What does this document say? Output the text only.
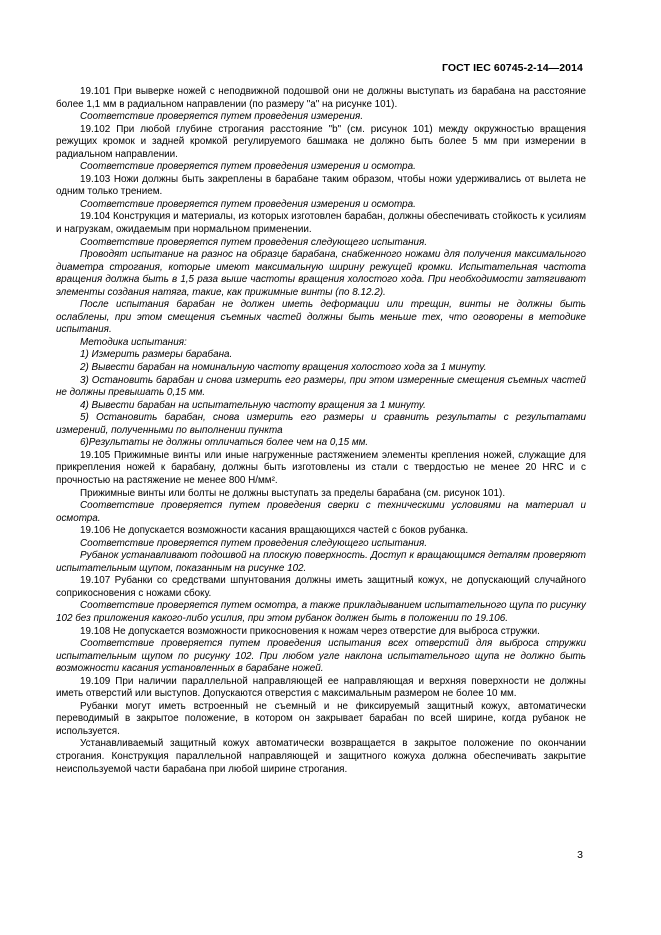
ГОСТ IEC 60745-2-14—2014

19.101 При выверке ножей с неподвижной подошвой они не должны выступать из барабана на расстояние более 1,1 мм в радиальном направлении (по размеру "a" на рисунке 101).

Соответствие проверяется путем проведения измерения.

19.102 При любой глубине строгания расстояние "b" (см. рисунок 101) между окружностью вращения режущих кромок и задней кромкой регулируемого башмака не должно быть более 5 мм при измерении в радиальном направлении.

Соответствие проверяется путем проведения измерения и осмотра.

19.103 Ножи должны быть закреплены в барабане таким образом, чтобы ножи удерживались от вылета не одним только трением.

Соответствие проверяется путем проведения измерения и осмотра.

19.104 Конструкция и материалы, из которых изготовлен барабан, должны обеспечивать стойкость к усилиям и нагрузкам, ожидаемым при нормальном применении.

Соответствие проверяется путем проведения следующего испытания.

Проводят испытание на разнос на образце барабана, снабженного ножами для получения максимального диаметра строгания, которые имеют максимальную ширину режущей кромки. Испытательная частота вращения должна быть в 1,5 раза выше частоты вращения холостого хода. При необходимости затягивают элементы создания натяга, такие, как прижимные винты (по 8.12.2).

После испытания барабан не должен иметь деформации или трещин, винты не должны быть ослаблены, при этом смещения съемных частей должны быть меньше тех, что оговорены в методике испытания.

Методика испытания:

1) Измерить размеры барабана.

2) Вывести барабан на номинальную частоту вращения холостого хода за 1 минуту.

3) Остановить барабан и снова измерить его размеры, при этом измеренные смещения съемных частей не должны превышать 0,15 мм.

4) Вывести барабан на испытательную частоту вращения за 1 минуту.

5) Остановить барабан, снова измерить его размеры и сравнить результаты с результатами измерений, полученными по выполнении пункта

6)Результаты не должны отличаться более чем на 0,15 мм.

19.105 Прижимные винты или иные нагруженные растяжением элементы крепления ножей, служащие для прикрепления ножей к барабану, должны быть изготовлены из стали с твердостью не менее 20 HRC и с прочностью на растяжение не менее 800 Н/мм².

Прижимные винты или болты не должны выступать за пределы барабана (см. рисунок 101).

Соответствие проверяется путем проведения сверки с техническими условиями на материал и осмотра.

19.106 Не допускается возможности касания вращающихся частей с боков рубанка.

Соответствие проверяется путем проведения следующего испытания.

Рубанок устанавливают подошвой на плоскую поверхность. Доступ к вращающимся деталям проверяют испытательным щупом, показанным на рисунке 102.

19.107 Рубанки со средствами шпунтования должны иметь защитный кожух, не допускающий случайного соприкосновения с ножами сбоку.

Соответствие проверяется путем осмотра, а также прикладыванием испытательного щупа по рисунку 102 без приложения какого-либо усилия, при этом рубанок должен быть в положении по 19.106.

19.108 Не допускается возможности прикосновения к ножам через отверстие для выброса стружки.

Соответствие проверяется путем проведения испытания всех отверстий для выброса стружки испытательным щупом по рисунку 102. При любом угле наклона испытательного щупа не должно быть возможности касания установленных в барабане ножей.

19.109 При наличии параллельной направляющей ее направляющая и верхняя поверхности не должны иметь отверстий или выступов. Допускаются отверстия с максимальным размером не более 10 мм.

Рубанки могут иметь встроенный не съемный и не фиксируемый защитный кожух, автоматически переводимый в закрытое положение, в котором он закрывает барабан по всей ширине, когда рубанок не используется.

Устанавливаемый защитный кожух автоматически возвращается в закрытое положение по окончании строгания. Конструкция параллельной направляющей и защитного кожуха должна обеспечивать закрытие неиспользуемой части барабана при любой ширине строгания.

3
